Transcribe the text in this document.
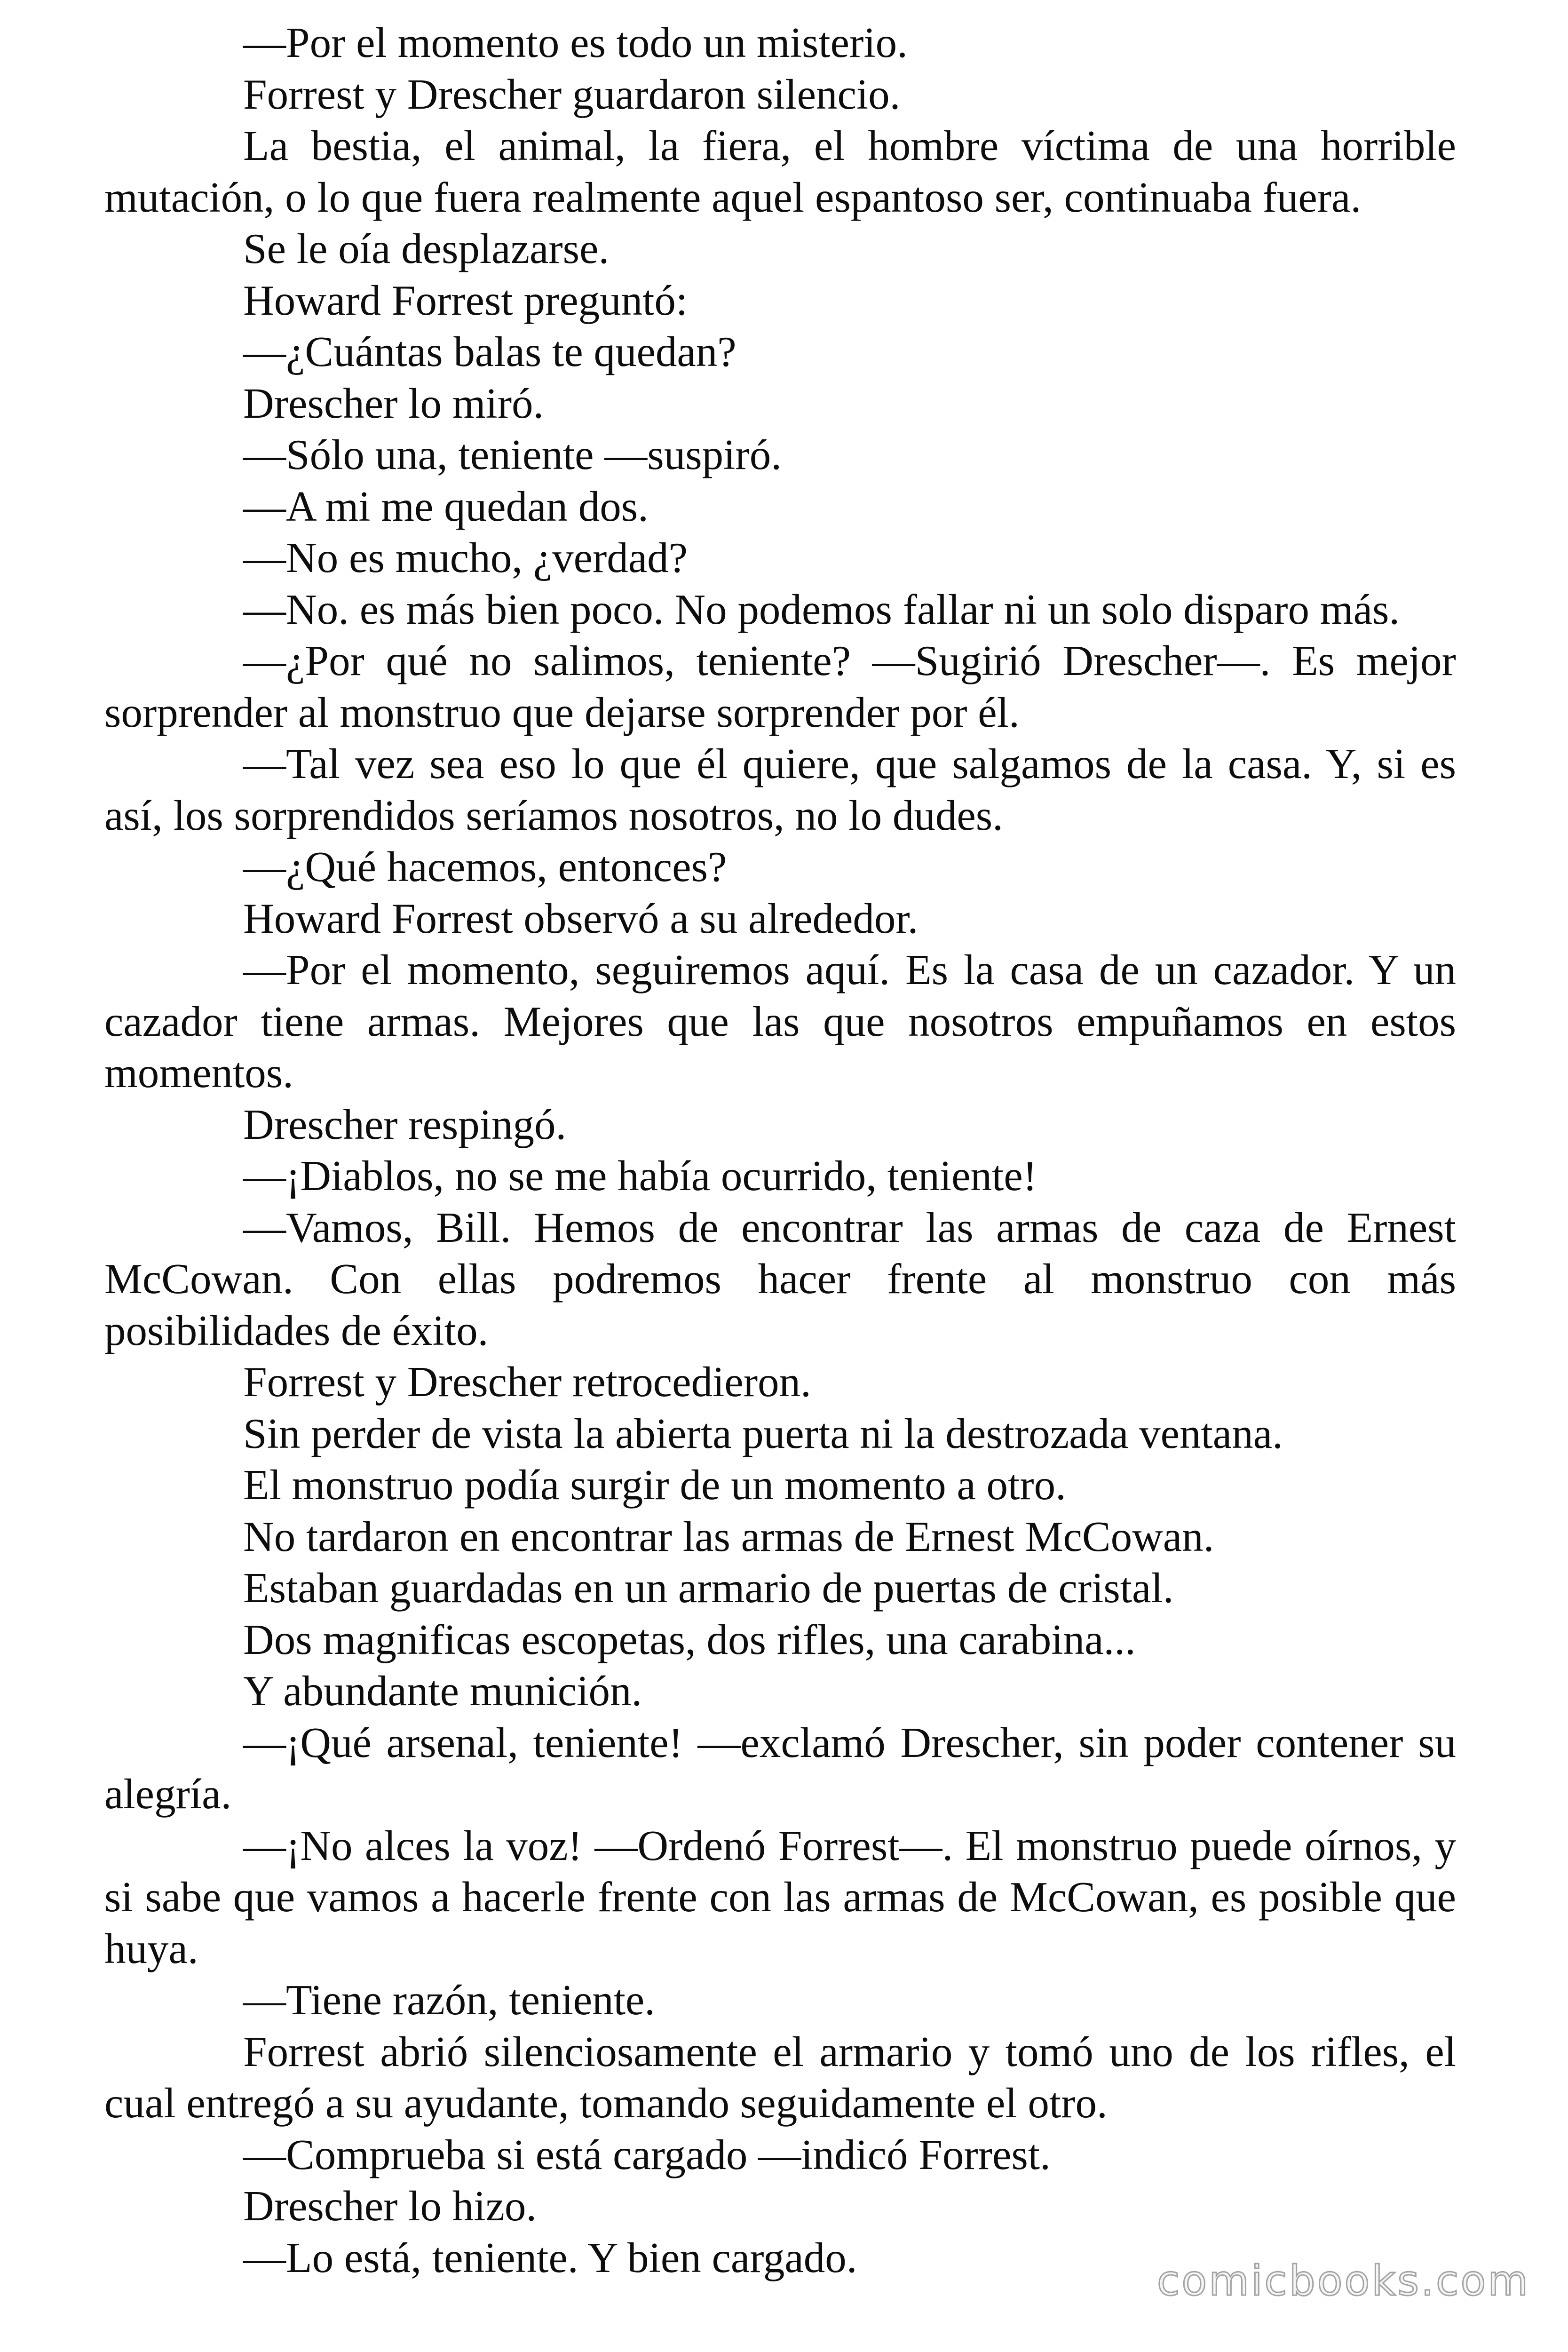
—Por el momento es todo un misterio.
Forrest y Drescher guardaron silencio.
La bestia, el animal, la fiera, el hombre víctima de una horrible
mutación, o lo que fuera realmente aquel espantoso ser, continuaba fuera.
Se le oía desplazarse.
Howard Forrest preguntó:
—¿Cuántas balas te quedan?
Drescher lo miró.
—Sólo una, teniente —suspiró.
—A mi me quedan dos.
—No es mucho, ¿verdad?
—No. es más bien poco. No podemos fallar ni un solo disparo más.
—¿Por qué no salimos, teniente? —Sugirió Drescher—. Es mejor
sorprender al monstruo que dejarse sorprender por él.
—Tal vez sea eso lo que él quiere, que salgamos de la casa. Y, si es
así, los sorprendidos seríamos nosotros, no lo dudes.
—¿Qué hacemos, entonces?
Howard Forrest observó a su alrededor.
—Por el momento, seguiremos aquí. Es la casa de un cazador. Y un
cazador tiene armas. Mejores que las que nosotros empuñamos en estos
momentos.
Drescher respingó.
—¡Diablos, no se me había ocurrido, teniente!
—Vamos, Bill. Hemos de encontrar las armas de caza de Ernest
McCowan. Con ellas podremos hacer frente al monstruo con más
posibilidades de éxito.
Forrest y Drescher retrocedieron.
Sin perder de vista la abierta puerta ni la destrozada ventana.
El monstruo podía surgir de un momento a otro.
No tardaron en encontrar las armas de Ernest McCowan.
Estaban guardadas en un armario de puertas de cristal.
Dos magnificas escopetas, dos rifles, una carabina...
Y abundante munición.
—¡Qué arsenal, teniente! —exclamó Drescher, sin poder contener su
alegría.
—¡No alces la voz! —Ordenó Forrest—. El monstruo puede oírnos, y
si sabe que vamos a hacerle frente con las armas de McCowan, es posible que
huya.
—Tiene razón, teniente.
Forrest abrió silenciosamente el armario y tomó uno de los rifles, el
cual entregó a su ayudante, tomando seguidamente el otro.
—Comprueba si está cargado —indicó Forrest.
Drescher lo hizo.
—Lo está, teniente. Y bien cargado.	comicbooks.com
